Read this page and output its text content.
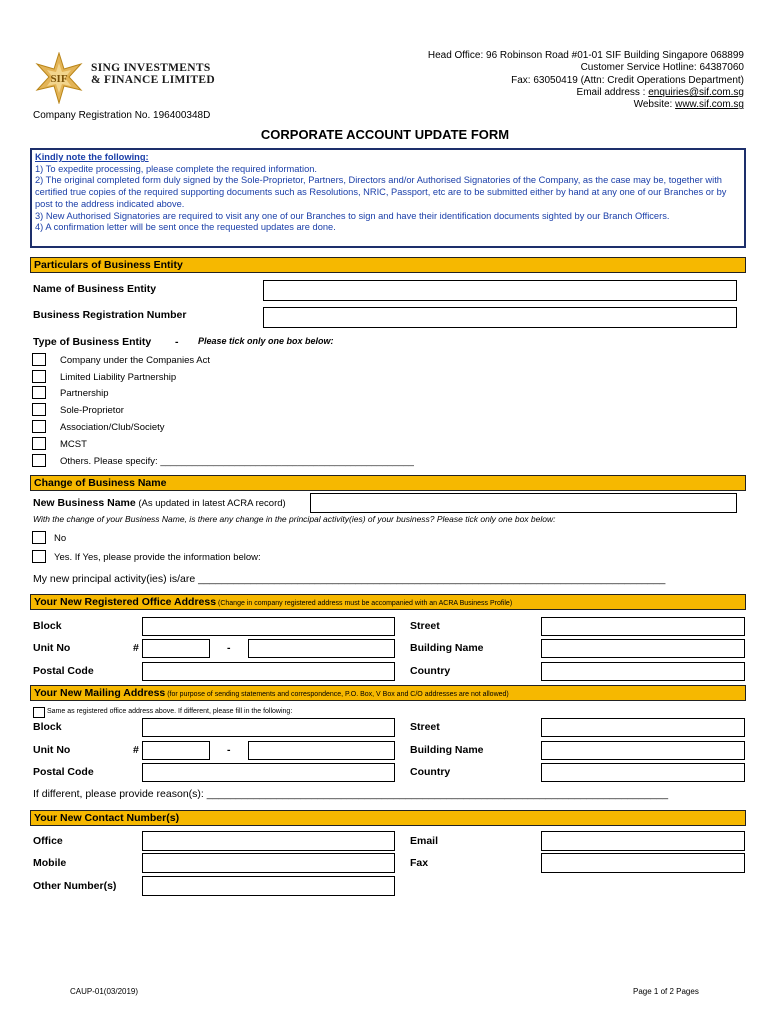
SIF
SING INVESTMENTS
& FINANCE LIMITED
Head Office: 96 Robinson Road #01-01 SIF Building Singapore 068899
Customer Service Hotline: 64387060
Fax: 63050419 (Attn: Credit Operations Department)
Email address : enquiries@sif.com.sg
Website: www.sif.com.sg
Company Registration No. 196400348D
CORPORATE ACCOUNT UPDATE FORM
Kindly note the following:
1) To expedite processing, please complete the required information.
2) The original completed form duly signed by the Sole-Proprietor, Partners, Directors and/or Authorised Signatories of the Company, as the case may be, together with certified true copies of the required supporting documents such as Resolutions, NRIC, Passport, etc are to be submitted either by hand at any one of our Branches or by post to the address indicated above.
3) New Authorised Signatories are required to visit any one of our Branches to sign and have their identification documents sighted by our Branch Officers.
4) A confirmation letter will be sent once the requested updates are done.
Particulars of Business Entity
Name of Business Entity
Business Registration Number
Type of Business Entity - Please tick only one box below:
Company under the Companies Act
Limited Liability Partnership
Partnership
Sole-Proprietor
Association/Club/Society
MCST
Others. Please specify: ________________________________________________
Change of Business Name
New Business Name (As updated in latest ACRA record)
With the change of your Business Name, is there any change in the principal activity(ies) of your business? Please tick only one box below:
No
Yes. If Yes, please provide the information below:
My new principal activity(ies) is/are ________________________________________________________________________________
Your New Registered Office Address (Change in company registered address must be accompanied with an ACRA Business Profile)
Block	Street
Unit No	#	-	Building Name
Postal Code	Country
Your New Mailing Address (for purpose of sending statements and correspondence, P.O. Box, V Box and C/O addresses are not allowed)
Same as registered office address above. If different, please fill in the following:
Block	Street
Unit No	#	-	Building Name
Postal Code	Country
If different, please provide reason(s): _______________________________________________________________________________
Your New Contact Number(s)
Office	Email
Mobile	Fax
Other Number(s)
CAUP-01(03/2019)	Page 1 of 2 Pages
